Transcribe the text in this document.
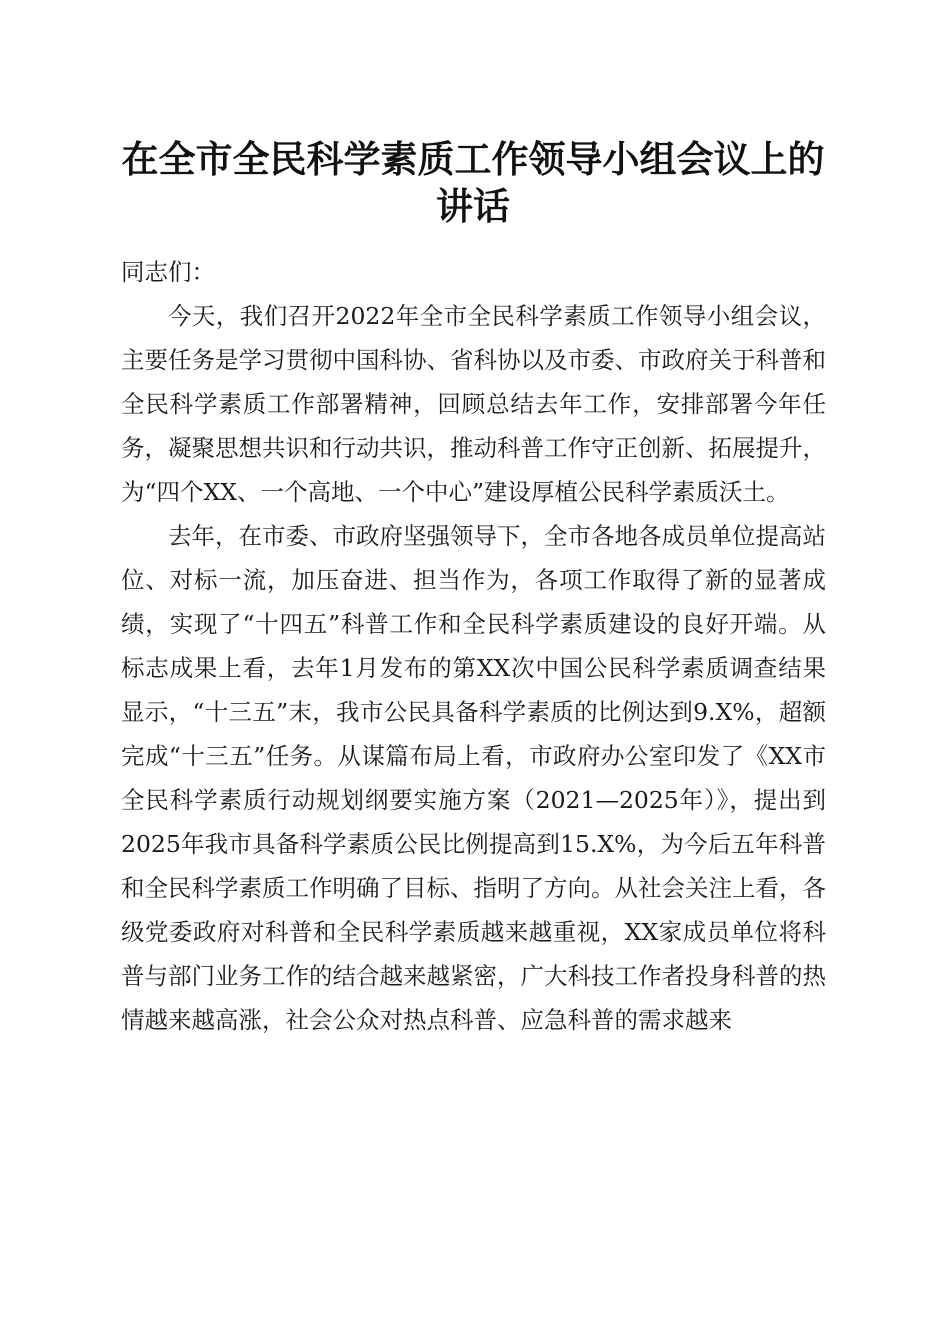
在全市全民科学素质工作领导小组会议上的讲话

同志们：

今天，我们召开2022年全市全民科学素质工作领导小组会议，主要任务是学习贯彻中国科协、省科协以及市委、市政府关于科普和全民科学素质工作部署精神，回顾总结去年工作，安排部署今年任务，凝聚思想共识和行动共识，推动科普工作守正创新、拓展提升，为“四个XX、一个高地、一个中心”建设厚植公民科学素质沃土。

去年，在市委、市政府坚强领导下，全市各地各成员单位提高站位、对标一流，加压奋进、担当作为，各项工作取得了新的显著成绩，实现了“十四五”科普工作和全民科学素质建设的良好开端。从标志成果上看，去年1月发布的第XX次中国公民科学素质调查结果显示，“十三五”末，我市公民具备科学素质的比例达到9.X%，超额完成“十三五”任务。从谋篇布局上看，市政府办公室印发了《XX市全民科学素质行动规划纲要实施方案（2021—2025年）》，提出到2025年我市具备科学素质公民比例提高到15.X%，为今后五年科普和全民科学素质工作明确了目标、指明了方向。从社会关注上看，各级党委政府对科普和全民科学素质越来越重视，XX家成员单位将科普与部门业务工作的结合越来越紧密，广大科技工作者投身科普的热情越来越高涨，社会公众对热点科普、应急科普的需求越来
